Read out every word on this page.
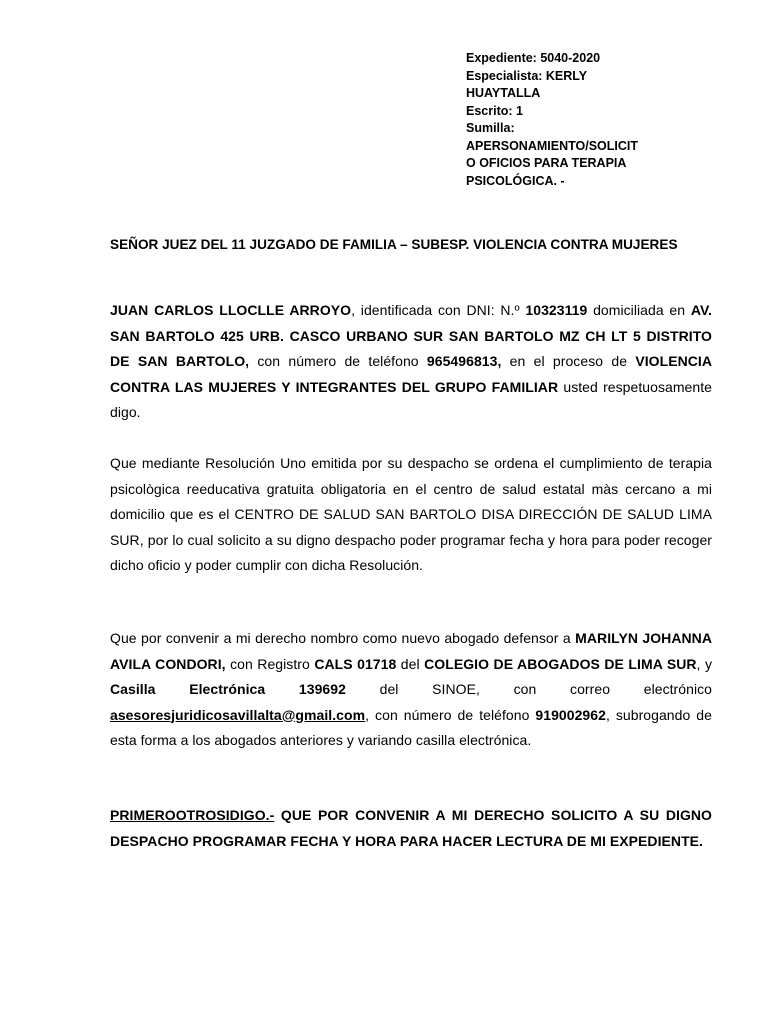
Expediente: 5040-2020
Especialista: KERLY
HUAYTALLA
Escrito: 1
Sumilla:
APERSONAMIENTO/SOLICIT
O OFICIOS PARA TERAPIA
PSICOLÓGICA. -
SEÑOR JUEZ DEL 11 JUZGADO DE FAMILIA – SUBESP. VIOLENCIA CONTRA MUJERES
JUAN CARLOS LLOCLLE ARROYO, identificada con DNI: N.º 10323119 domiciliada en AV. SAN BARTOLO 425 URB. CASCO URBANO SUR SAN BARTOLO MZ CH LT 5 DISTRITO DE SAN BARTOLO, con número de teléfono 965496813, en el proceso de VIOLENCIA CONTRA LAS MUJERES Y INTEGRANTES DEL GRUPO FAMILIAR usted respetuosamente digo.
Que mediante Resolución Uno emitida por su despacho se ordena el cumplimiento de terapia psicològica reeducativa gratuita obligatoria en el centro de salud estatal màs cercano a mi domicilio que es el CENTRO DE SALUD SAN BARTOLO DISA DIRECCIÓN DE SALUD LIMA SUR, por lo cual solicito a su digno despacho poder programar fecha y hora para poder recoger dicho oficio y poder cumplir con dicha Resolución.
Que por convenir a mi derecho nombro como nuevo abogado defensor a MARILYN JOHANNA AVILA CONDORI, con Registro CALS 01718 del COLEGIO DE ABOGADOS DE LIMA SUR, y Casilla Electrónica 139692 del SINOE, con correo electrónico asesoresjuridicosavillalta@gmail.com, con número de teléfono 919002962, subrogando de esta forma a los abogados anteriores y variando casilla electrónica.
PRIMEROOTROSIDIGO.- QUE POR CONVENIR A MI DERECHO SOLICITO A SU DIGNO DESPACHO PROGRAMAR FECHA Y HORA PARA HACER LECTURA DE MI EXPEDIENTE.
